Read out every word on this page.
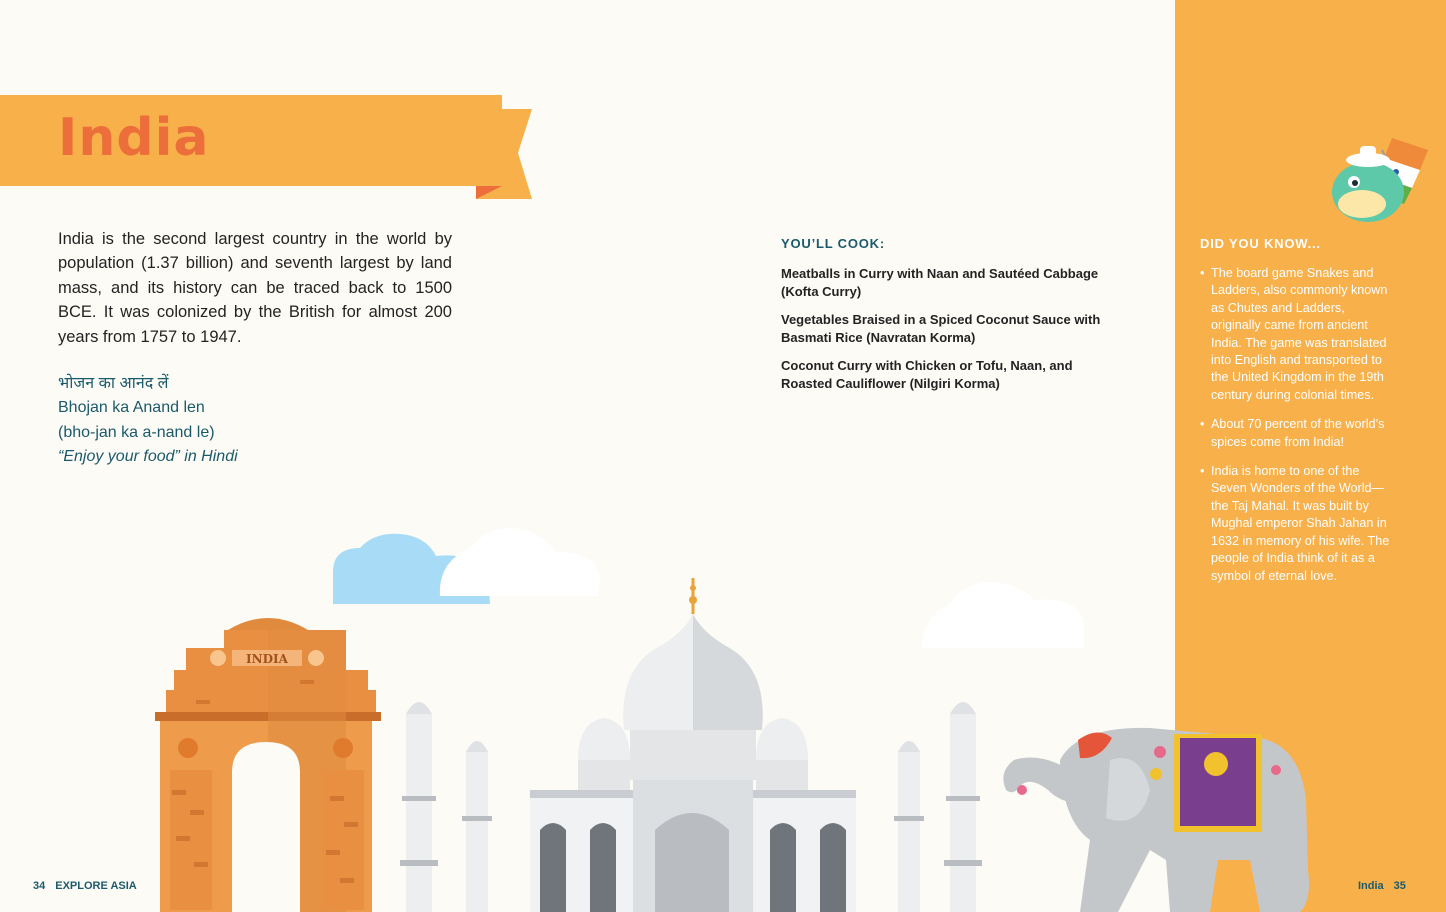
India

India is the second largest country in the world by population (1.37 billion) and seventh largest by land mass, and its history can be traced back to 1500 BCE. It was colonized by the British for almost 200 years from 1757 to 1947.

भोजन का आनंद लें
Bhojan ka Anand len
(bho-jan ka a-nand le)
“Enjoy your food” in Hindi
YOU’LL COOK:
Meatballs in Curry with Naan and Sautéed Cabbage (Kofta Curry)
Vegetables Braised in a Spiced Coconut Sauce with Basmati Rice (Navratan Korma)
Coconut Curry with Chicken or Tofu, Naan, and Roasted Cauliflower (Nilgiri Korma)
DID YOU KNOW...
• The board game Snakes and Ladders, also commonly known as Chutes and Ladders, originally came from ancient India. The game was translated into English and transported to the United Kingdom in the 19th century during colonial times.
• About 70 percent of the world’s spices come from India!
• India is home to one of the Seven Wonders of the World—the Taj Mahal. It was built by Mughal emperor Shah Jahan in 1632 in memory of his wife. The people of India think of it as a symbol of eternal love.
INDIA
34 EXPLORE ASIA	India 35
